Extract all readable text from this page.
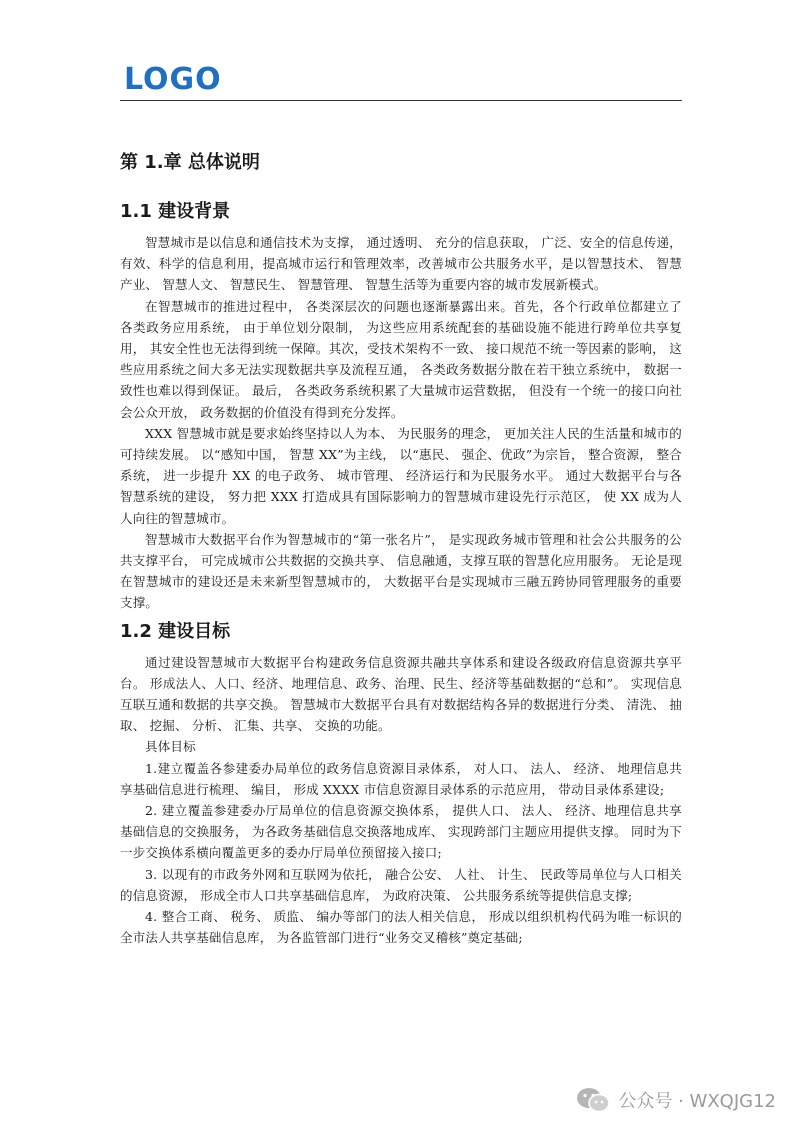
LOGO
第 1.章 总体说明
1.1 建设背景

智慧城市是以信息和通信技术为支撑， 通过透明、 充分的信息获取， 广泛、安全的信息传递，有效、科学的信息利用，提高城市运行和管理效率，改善城市公共服务水平，是以智慧技术、 智慧产业、 智慧人文、 智慧民生、 智慧管理、 智慧生活等为重要内容的城市发展新模式。

在智慧城市的推进过程中， 各类深层次的问题也逐渐暴露出来。首先，各个行政单位都建立了各类政务应用系统， 由于单位划分限制， 为这些应用系统配套的基础设施不能进行跨单位共享复用， 其安全性也无法得到统一保障。其次，受技术架构不一致、 接口规范不统一等因素的影响， 这些应用系统之间大多无法实现数据共享及流程互通， 各类政务数据分散在若干独立系统中， 数据一致性也难以得到保证。 最后， 各类政务系统积累了大量城市运营数据， 但没有一个统一的接口向社会公众开放， 政务数据的价值没有得到充分发挥。

XXX 智慧城市就是要求始终坚持以人为本、 为民服务的理念， 更加关注人民的生活量和城市的可持续发展。 以“感知中国， 智慧 XX”为主线， 以“惠民、 强企、优政”为宗旨， 整合资源， 整合系统， 进一步提升 XX 的电子政务、 城市管理、 经济运行和为民服务水平。 通过大数据平台与各智慧系统的建设， 努力把 XXX 打造成具有国际影响力的智慧城市建设先行示范区， 使 XX 成为人人向往的智慧城市。

智慧城市大数据平台作为智慧城市的“第一张名片”， 是实现政务城市管理和社会公共服务的公共支撑平台， 可完成城市公共数据的交换共享、 信息融通，支撑互联的智慧化应用服务。 无论是现在智慧城市的建设还是未来新型智慧城市的， 大数据平台是实现城市三融五跨协同管理服务的重要支撑。

1.2 建设目标

通过建设智慧城市大数据平台构建政务信息资源共融共享体系和建设各级政府信息资源共享平台。 形成法人、人口、经济、地理信息、政务、治理、民生、经济等基础数据的“总和”。 实现信息互联互通和数据的共享交换。 智慧城市大数据平台具有对数据结构各异的数据进行分类、 清洗、 抽取、 挖掘、 分析、 汇集、共享、 交换的功能。

具体目标

1.建立覆盖各参建委办局单位的政务信息资源目录体系， 对人口、 法人、 经济、 地理信息共享基础信息进行梳理、 编目， 形成 XXXX 市信息资源目录体系的示范应用， 带动目录体系建设;

2. 建立覆盖参建委办厅局单位的信息资源交换体系， 提供人口、 法人、 经济、地理信息共享基础信息的交换服务， 为各政务基础信息交换落地成库、 实现跨部门主题应用提供支撑。 同时为下一步交换体系横向覆盖更多的委办厅局单位预留接入接口;

3. 以现有的市政务外网和互联网为依托， 融合公安、 人社、 计生、 民政等局单位与人口相关的信息资源， 形成全市人口共享基础信息库， 为政府决策、 公共服务系统等提供信息支撑;

4. 整合工商、 税务、 质监、 编办等部门的法人相关信息， 形成以组织机构代码为唯一标识的全市法人共享基础信息库， 为各监管部门进行“业务交叉稽核”奠定基础;

公众号 · WXQJG12
